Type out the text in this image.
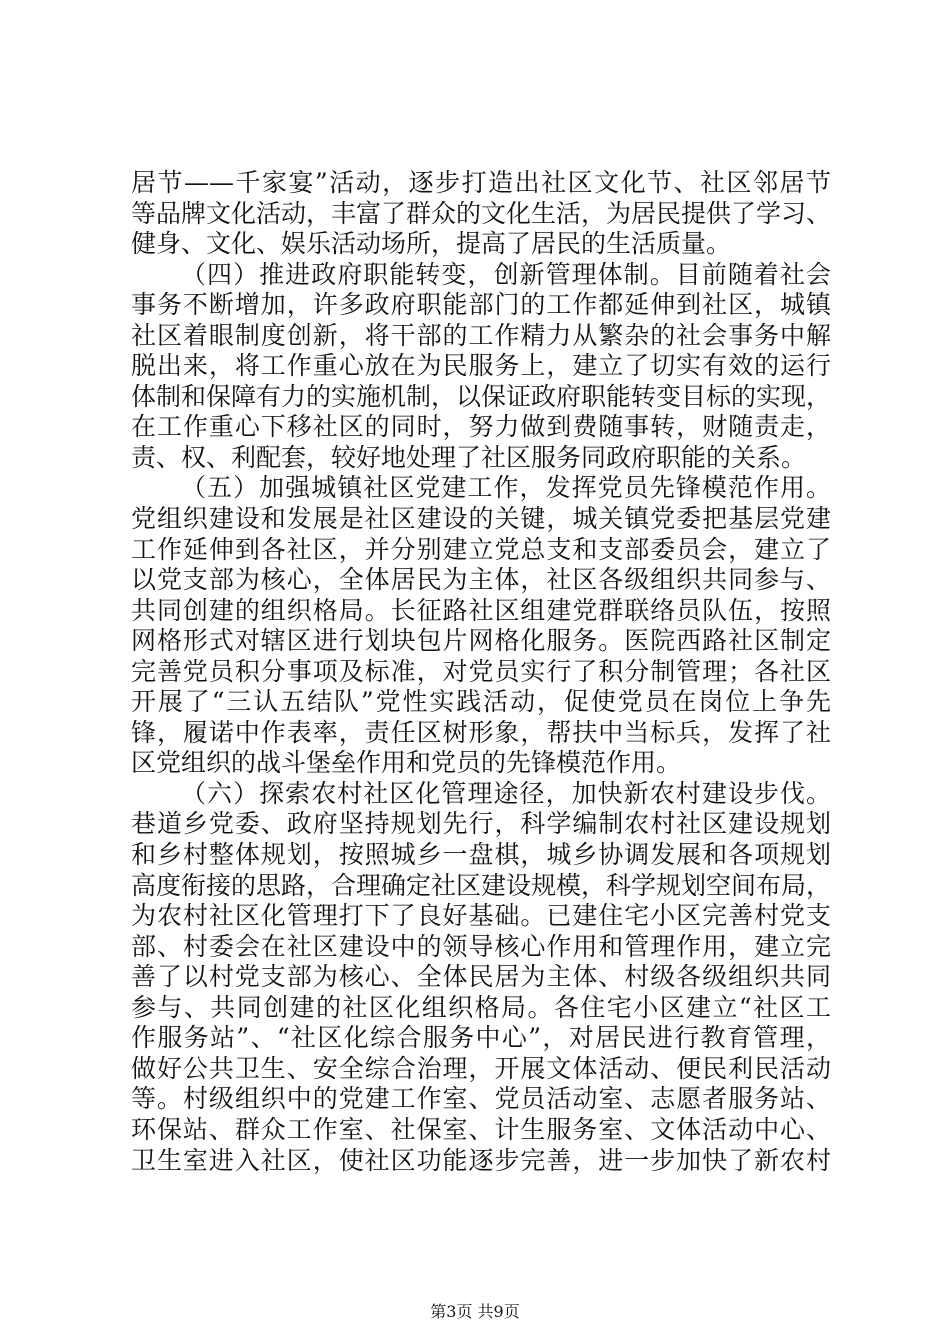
居节——千家宴”活动，逐步打造出社区文化节、社区邻居节
等品牌文化活动，丰富了群众的文化生活，为居民提供了学习、
健身、文化、娱乐活动场所，提高了居民的生活质量。
（四）推进政府职能转变，创新管理体制。目前随着社会
事务不断增加，许多政府职能部门的工作都延伸到社区，城镇
社区着眼制度创新，将干部的工作精力从繁杂的社会事务中解
脱出来，将工作重心放在为民服务上，建立了切实有效的运行
体制和保障有力的实施机制，以保证政府职能转变目标的实现，
在工作重心下移社区的同时，努力做到费随事转，财随责走，
责、权、利配套，较好地处理了社区服务同政府职能的关系。
（五）加强城镇社区党建工作，发挥党员先锋模范作用。
党组织建设和发展是社区建设的关键，城关镇党委把基层党建
工作延伸到各社区，并分别建立党总支和支部委员会，建立了
以党支部为核心，全体居民为主体，社区各级组织共同参与、
共同创建的组织格局。长征路社区组建党群联络员队伍，按照
网格形式对辖区进行划块包片网格化服务。医院西路社区制定
完善党员积分事项及标准，对党员实行了积分制管理；各社区
开展了“三认五结队”党性实践活动，促使党员在岗位上争先
锋，履诺中作表率，责任区树形象，帮扶中当标兵，发挥了社
区党组织的战斗堡垒作用和党员的先锋模范作用。
（六）探索农村社区化管理途径，加快新农村建设步伐。
巷道乡党委、政府坚持规划先行，科学编制农村社区建设规划
和乡村整体规划，按照城乡一盘棋，城乡协调发展和各项规划
高度衔接的思路，合理确定社区建设规模，科学规划空间布局，
为农村社区化管理打下了良好基础。已建住宅小区完善村党支
部、村委会在社区建设中的领导核心作用和管理作用，建立完
善了以村党支部为核心、全体民居为主体、村级各级组织共同
参与、共同创建的社区化组织格局。各住宅小区建立“社区工
作服务站”、“社区化综合服务中心”，对居民进行教育管理，
做好公共卫生、安全综合治理，开展文体活动、便民利民活动
等。村级组织中的党建工作室、党员活动室、志愿者服务站、
环保站、群众工作室、社保室、计生服务室、文体活动中心、
卫生室进入社区，使社区功能逐步完善，进一步加快了新农村
第3页 共9页
